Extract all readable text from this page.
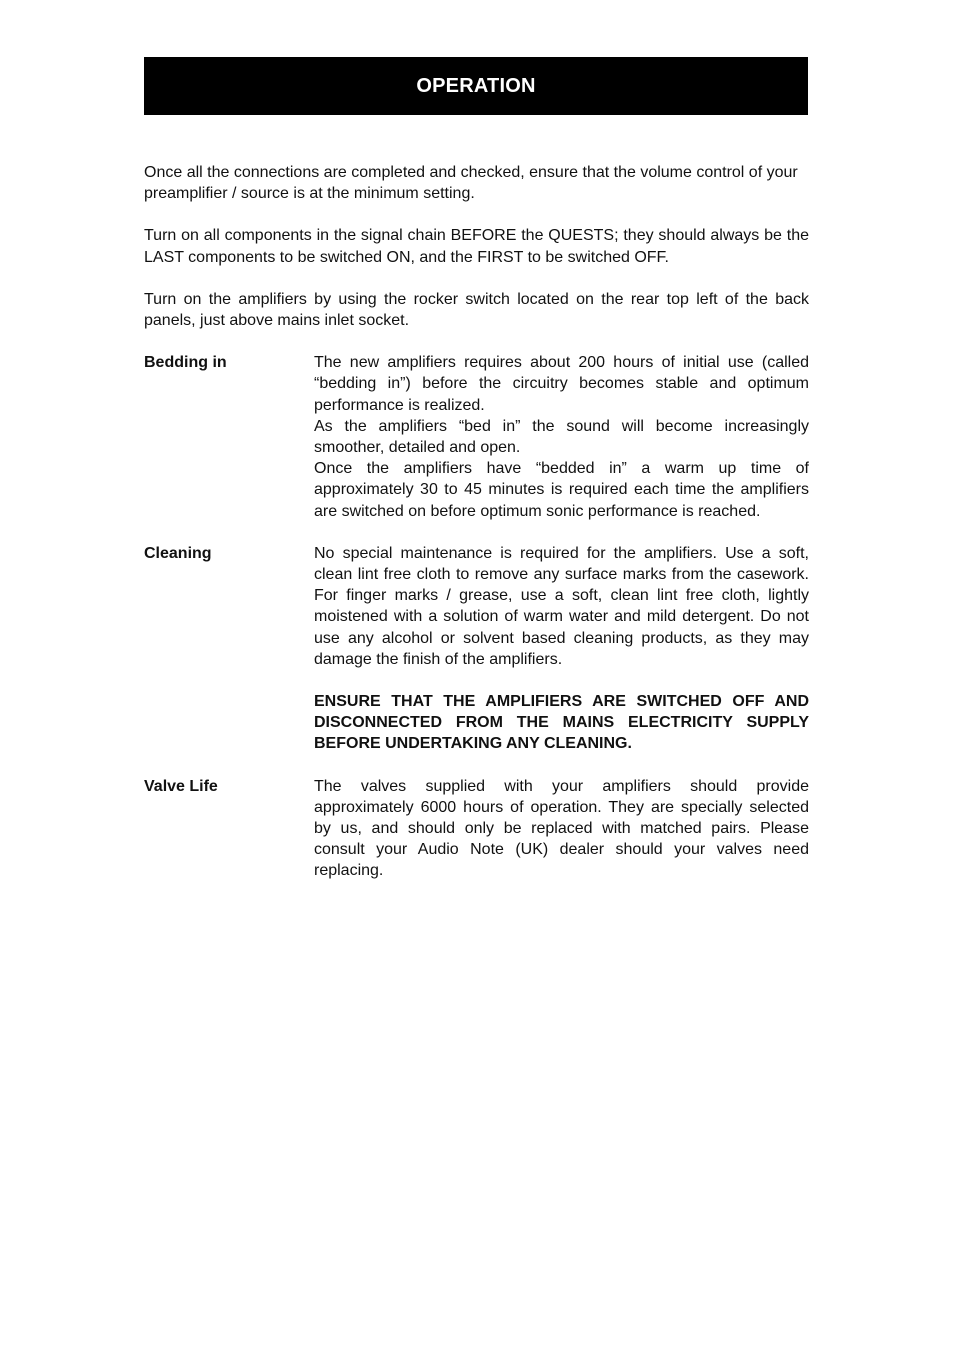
OPERATION

Once all the connections are completed and checked, ensure that the volume control of your preamplifier / source is at the minimum setting.

Turn on all components in the signal chain BEFORE the QUESTS; they should always be the LAST components to be switched ON, and the FIRST to be switched OFF.

Turn on the amplifiers by using the rocker switch located on the rear top left of the back panels, just above mains inlet socket.

Bedding in	The new amplifiers requires about 200 hours of initial use (called “bedding in”) before the circuitry becomes stable and optimum performance is realized.

As the amplifiers “bed in” the sound will become increasingly smoother, detailed and open.

Once the amplifiers have “bedded in” a warm up time of approximately 30 to 45 minutes is required each time the amplifiers are switched on before optimum sonic performance is reached.

Cleaning	No special maintenance is required for the amplifiers. Use a soft, clean lint free cloth to remove any surface marks from the casework. For finger marks / grease, use a soft, clean lint free cloth, lightly moistened with a solution of warm water and mild detergent. Do not use any alcohol or solvent based cleaning products, as they may damage the finish of the amplifiers.

ENSURE THAT THE AMPLIFIERS ARE SWITCHED OFF AND DISCONNECTED FROM THE MAINS ELECTRICITY SUPPLY BEFORE UNDERTAKING ANY CLEANING.

Valve Life	The valves supplied with your amplifiers should provide approximately 6000 hours of operation. They are specially selected by us, and should only be replaced with matched pairs. Please consult your Audio Note (UK) dealer should your valves need replacing.
